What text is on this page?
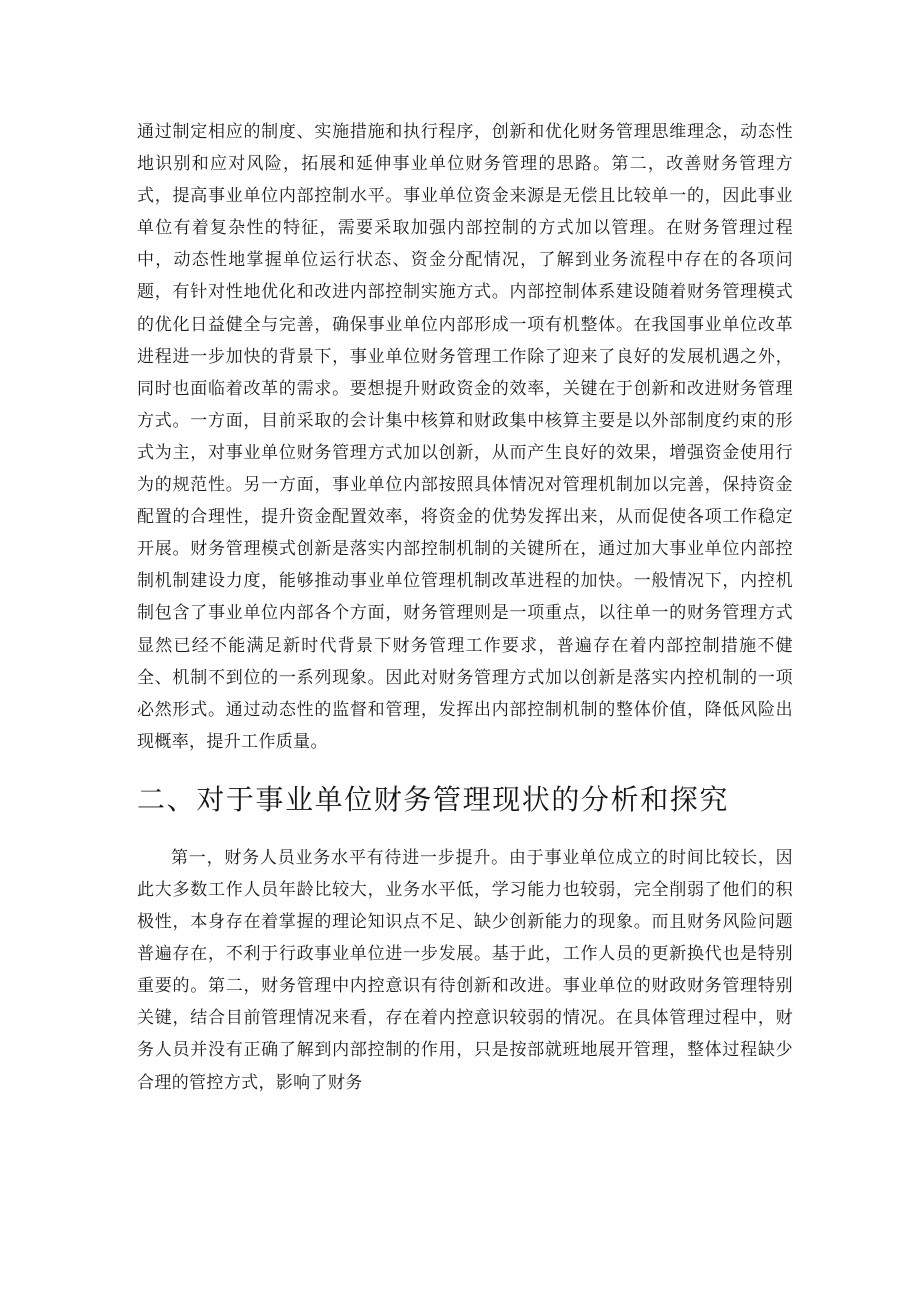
通过制定相应的制度、实施措施和执行程序，创新和优化财务管理思维理念，动态性地识别和应对风险，拓展和延伸事业单位财务管理的思路。第二，改善财务管理方式，提高事业单位内部控制水平。事业单位资金来源是无偿且比较单一的，因此事业单位有着复杂性的特征，需要采取加强内部控制的方式加以管理。在财务管理过程中，动态性地掌握单位运行状态、资金分配情况，了解到业务流程中存在的各项问题，有针对性地优化和改进内部控制实施方式。内部控制体系建设随着财务管理模式的优化日益健全与完善，确保事业单位内部形成一项有机整体。在我国事业单位改革进程进一步加快的背景下，事业单位财务管理工作除了迎来了良好的发展机遇之外，同时也面临着改革的需求。要想提升财政资金的效率，关键在于创新和改进财务管理方式。一方面，目前采取的会计集中核算和财政集中核算主要是以外部制度约束的形式为主，对事业单位财务管理方式加以创新，从而产生良好的效果，增强资金使用行为的规范性。另一方面，事业单位内部按照具体情况对管理机制加以完善，保持资金配置的合理性，提升资金配置效率，将资金的优势发挥出来，从而促使各项工作稳定开展。财务管理模式创新是落实内部控制机制的关键所在，通过加大事业单位内部控制机制建设力度，能够推动事业单位管理机制改革进程的加快。一般情况下，内控机制包含了事业单位内部各个方面，财务管理则是一项重点，以往单一的财务管理方式显然已经不能满足新时代背景下财务管理工作要求，普遍存在着内部控制措施不健全、机制不到位的一系列现象。因此对财务管理方式加以创新是落实内控机制的一项必然形式。通过动态性的监督和管理，发挥出内部控制机制的整体价值，降低风险出现概率，提升工作质量。

二、对于事业单位财务管理现状的分析和探究

第一，财务人员业务水平有待进一步提升。由于事业单位成立的时间比较长，因此大多数工作人员年龄比较大，业务水平低，学习能力也较弱，完全削弱了他们的积极性，本身存在着掌握的理论知识点不足、缺少创新能力的现象。而且财务风险问题普遍存在，不利于行政事业单位进一步发展。基于此，工作人员的更新换代也是特别重要的。第二，财务管理中内控意识有待创新和改进。事业单位的财政财务管理特别关键，结合目前管理情况来看，存在着内控意识较弱的情况。在具体管理过程中，财务人员并没有正确了解到内部控制的作用，只是按部就班地展开管理，整体过程缺少合理的管控方式，影响了财务
